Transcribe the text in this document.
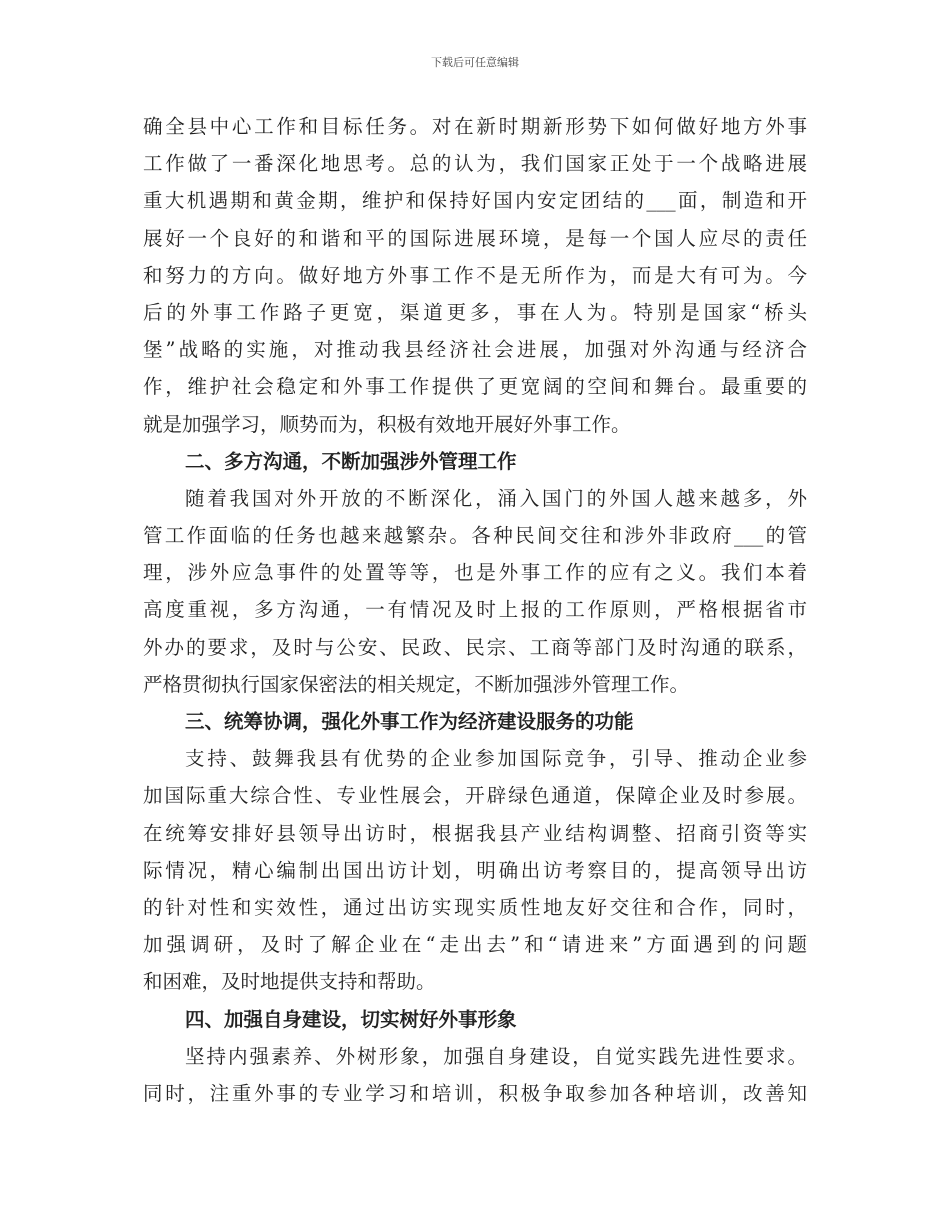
下载后可任意编辑
确全县中心工作和目标任务。对在新时期新形势下如何做好地方外事
工作做了一番深化地思考。总的认为，我们国家正处于一个战略进展
重大机遇期和黄金期，维护和保持好国内安定团结的___面，制造和开
展好一个良好的和谐和平的国际进展环境，是每一个国人应尽的责任
和努力的方向。做好地方外事工作不是无所作为，而是大有可为。今
后的外事工作路子更宽，渠道更多，事在人为。特别是国家“桥头
堡”战略的实施，对推动我县经济社会进展，加强对外沟通与经济合
作，维护社会稳定和外事工作提供了更宽阔的空间和舞台。最重要的
就是加强学习，顺势而为，积极有效地开展好外事工作。
二、多方沟通，不断加强涉外管理工作
随着我国对外开放的不断深化，涌入国门的外国人越来越多，外
管工作面临的任务也越来越繁杂。各种民间交往和涉外非政府___的管
理，涉外应急事件的处置等等，也是外事工作的应有之义。我们本着
高度重视，多方沟通，一有情况及时上报的工作原则，严格根据省市
外办的要求，及时与公安、民政、民宗、工商等部门及时沟通的联系，
严格贯彻执行国家保密法的相关规定，不断加强涉外管理工作。
三、统筹协调，强化外事工作为经济建设服务的功能
支持、鼓舞我县有优势的企业参加国际竞争，引导、推动企业参
加国际重大综合性、专业性展会，开辟绿色通道，保障企业及时参展。
在统筹安排好县领导出访时，根据我县产业结构调整、招商引资等实
际情况，精心编制出国出访计划，明确出访考察目的，提高领导出访
的针对性和实效性，通过出访实现实质性地友好交往和合作，同时，
加强调研，及时了解企业在“走出去”和“请进来”方面遇到的问题
和困难，及时地提供支持和帮助。
四、加强自身建设，切实树好外事形象
坚持内强素养、外树形象，加强自身建设，自觉实践先进性要求。
同时，注重外事的专业学习和培训，积极争取参加各种培训，改善知
